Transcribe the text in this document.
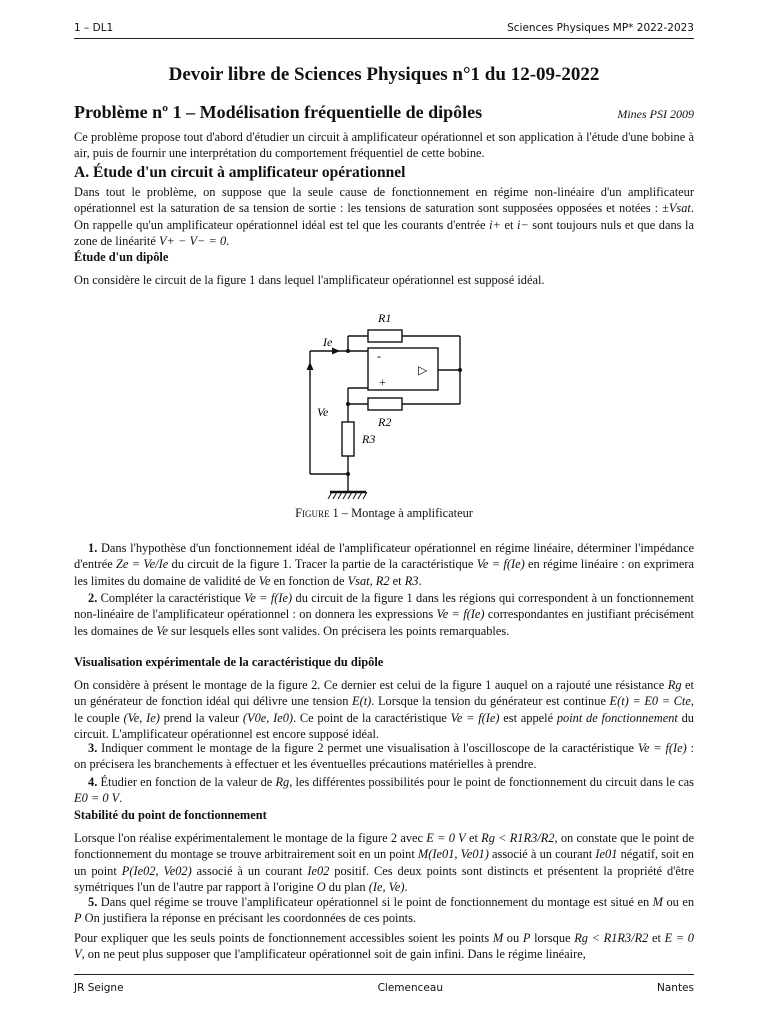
1 – DL1	Sciences Physiques MP* 2022-2023
Devoir libre de Sciences Physiques n°1 du 12-09-2022
Problème nº 1 – Modélisation fréquentielle de dipôles	Mines PSI 2009
Ce problème propose tout d'abord d'étudier un circuit à amplificateur opérationnel et son application à l'étude d'une bobine à air, puis de fournir une interprétation du comportement fréquentiel de cette bobine.
A. Étude d'un circuit à amplificateur opérationnel
Dans tout le problème, on suppose que la seule cause de fonctionnement en régime non-linéaire d'un amplificateur opérationnel est la saturation de sa tension de sortie : les tensions de saturation sont supposées opposées et notées : ±Vsat. On rappelle qu'un amplificateur opérationnel idéal est tel que les courants d'entrée i+ et i− sont toujours nuls et que dans la zone de linéarité V+ − V− = 0.
Étude d'un dipôle
On considère le circuit de la figure 1 dans lequel l'amplificateur opérationnel est supposé idéal.
R1
R2
R3
Ie
Ve
-
+
▷
Figure 1 – Montage à amplificateur
1. Dans l'hypothèse d'un fonctionnement idéal de l'amplificateur opérationnel en régime linéaire, déterminer l'impédance d'entrée Ze = Ve/Ie du circuit de la figure 1. Tracer la partie de la caractéristique Ve = f(Ie) en régime linéaire : on exprimera les limites du domaine de validité de Ve en fonction de Vsat, R2 et R3.
2. Compléter la caractéristique Ve = f(Ie) du circuit de la figure 1 dans les régions qui correspondent à un fonctionnement non-linéaire de l'amplificateur opérationnel : on donnera les expressions Ve = f(Ie) correspondantes en justifiant précisément les domaines de Ve sur lesquels elles sont valides. On précisera les points remarquables.
Visualisation expérimentale de la caractéristique du dipôle
On considère à présent le montage de la figure 2. Ce dernier est celui de la figure 1 auquel on a rajouté une résistance Rg et un générateur de fonction idéal qui délivre une tension E(t). Lorsque la tension du générateur est continue E(t) = E0 = Cte, le couple (Ve, Ie) prend la valeur (V0e, Ie0). Ce point de la caractéristique Ve = f(Ie) est appelé point de fonctionnement du circuit. L'amplificateur opérationnel est encore supposé idéal.
3. Indiquer comment le montage de la figure 2 permet une visualisation à l'oscilloscope de la caractéristique Ve = f(Ie) : on précisera les branchements à effectuer et les éventuelles précautions matérielles à prendre.
4. Étudier en fonction de la valeur de Rg, les différentes possibilités pour le point de fonctionnement du circuit dans le cas E0 = 0 V.
Stabilité du point de fonctionnement
Lorsque l'on réalise expérimentalement le montage de la figure 2 avec E = 0 V et Rg < R1R3/R2, on constate que le point de fonctionnement du montage se trouve arbitrairement soit en un point M(Ie01, Ve01) associé à un courant Ie01 négatif, soit en un point P(Ie02, Ve02) associé à un courant Ie02 positif. Ces deux points sont distincts et présentent la propriété d'être symétriques l'un de l'autre par rapport à l'origine O du plan (Ie, Ve).
5. Dans quel régime se trouve l'amplificateur opérationnel si le point de fonctionnement du montage est situé en M ou en P On justifiera la réponse en précisant les coordonnées de ces points.
Pour expliquer que les seuls points de fonctionnement accessibles soient les points M ou P lorsque Rg < R1R3/R2 et E = 0 V, on ne peut plus supposer que l'amplificateur opérationnel soit de gain infini. Dans le régime linéaire,
JR Seigne	Clemenceau	Nantes
